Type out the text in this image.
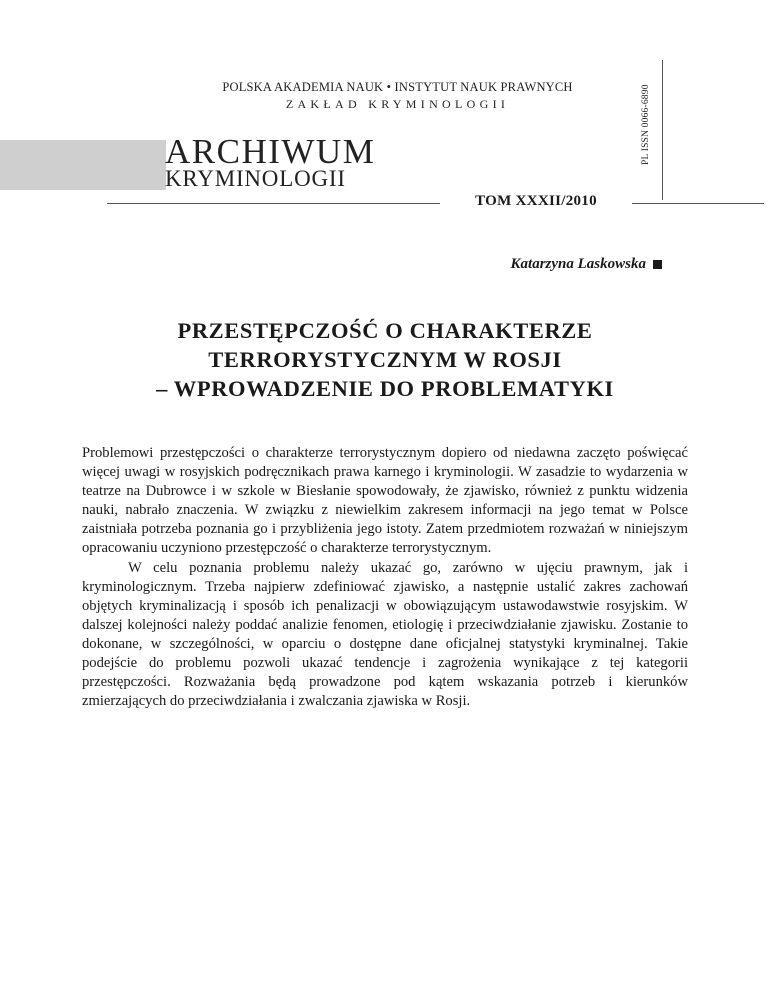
POLSKA AKADEMIA NAUK • INSTYTUT NAUK PRAWNYCH
ZAKŁAD KRYMINOLOGII	PL ISSN 0066-6890
ARCHIWUM
KRYMINOLOGII
TOM XXXII/2010
Katarzyna Laskowska
PRZESTĘPCZOŚĆ O CHARAKTERZE
TERRORYSTYCZNYM W ROSJI
– WPROWADZENIE DO PROBLEMATYKI

Problemowi przestępczości o charakterze terrorystycznym dopiero od niedawna zaczęto poświęcać więcej uwagi w rosyjskich podręcznikach prawa karnego i kryminologii. W zasadzie to wydarzenia w teatrze na Dubrowce i w szkole w Biesłanie spowodowały, że zjawisko, również z punktu widzenia nauki, nabrało znaczenia. W związku z niewielkim zakresem informacji na jego temat w Polsce zaistniała potrzeba poznania go i przybliżenia jego istoty. Zatem przedmiotem rozważań w niniejszym opracowaniu uczyniono przestępczość o charakterze terrorystycznym.

W celu poznania problemu należy ukazać go, zarówno w ujęciu prawnym, jak i kryminologicznym. Trzeba najpierw zdefiniować zjawisko, a następnie ustalić zakres zachowań objętych kryminalizacją i sposób ich penalizacji w obowiązującym ustawodawstwie rosyjskim. W dalszej kolejności należy poddać analizie fenomen, etiologię i przeciwdziałanie zjawisku. Zostanie to dokonane, w szczególności, w oparciu o dostępne dane oficjalnej statystyki kryminalnej. Takie podejście do problemu pozwoli ukazać tendencje i zagrożenia wynikające z tej kategorii przestępczości. Rozważania będą prowadzone pod kątem wskazania potrzeb i kierunków zmierzających do przeciwdziałania i zwalczania zjawiska w Rosji.
